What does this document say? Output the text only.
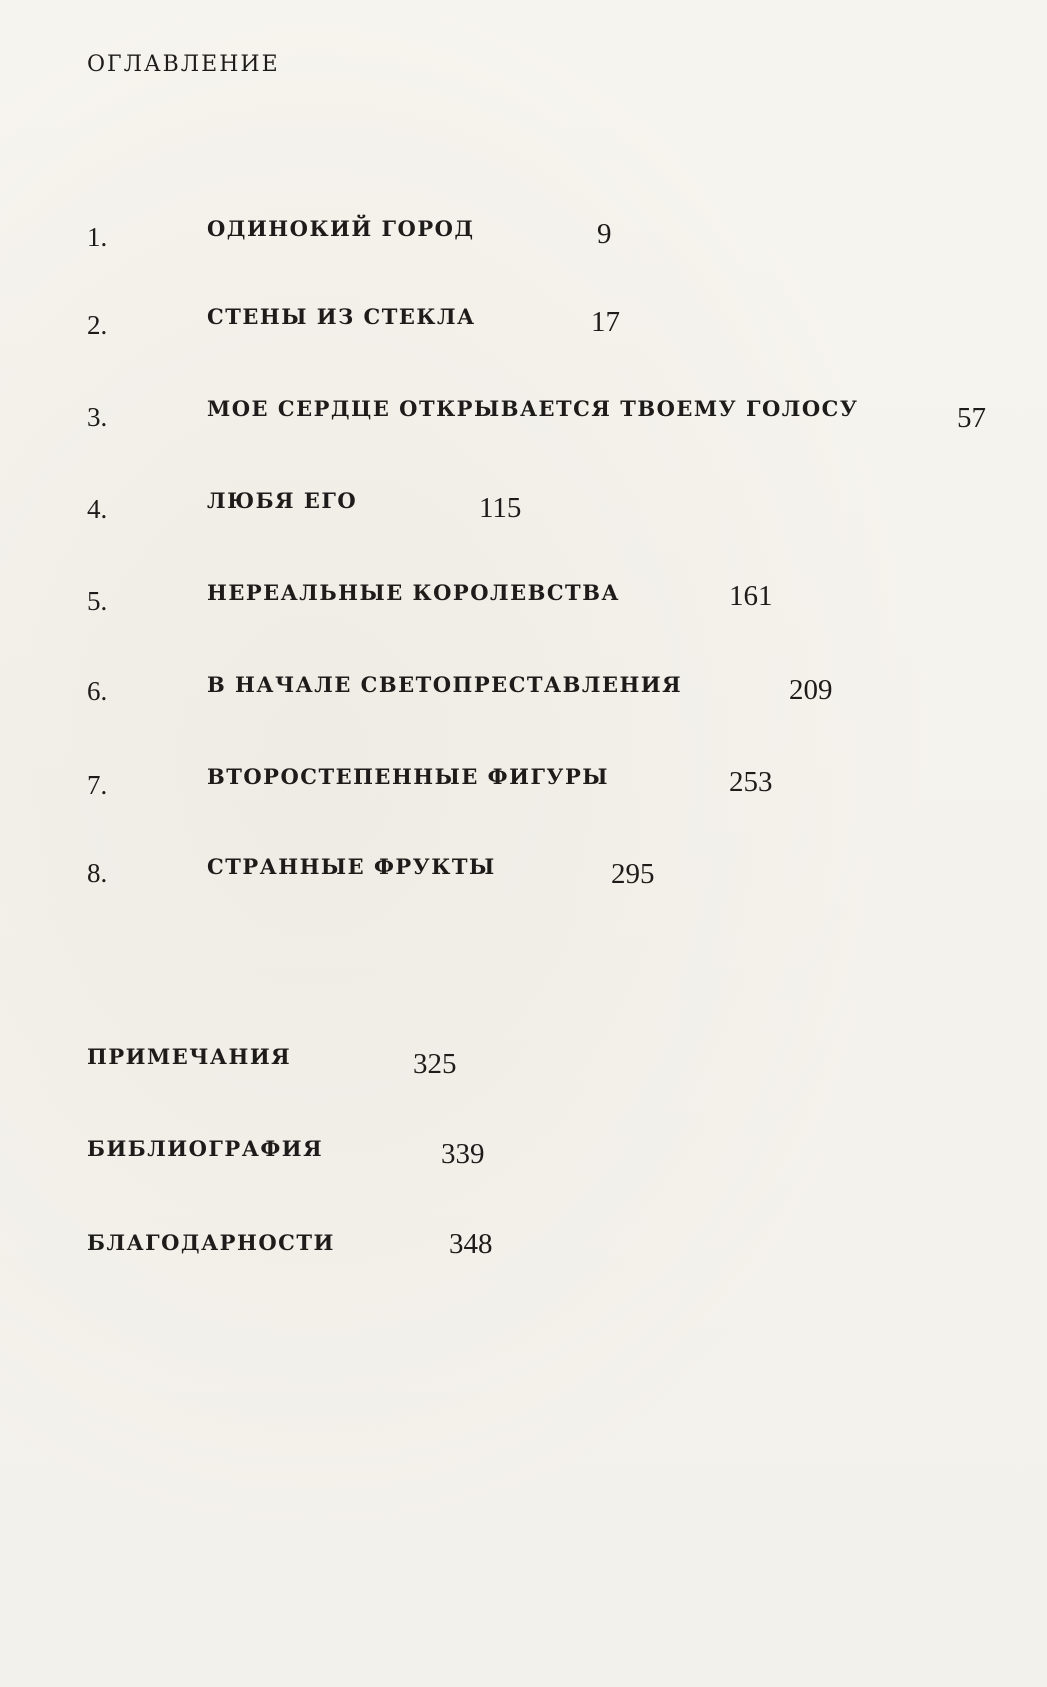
ОГЛАВЛЕНИЕ
1.	ОДИНОКИЙ ГОРОД	9
2.	СТЕНЫ ИЗ СТЕКЛА	17
3.	МОЕ СЕРДЦЕ ОТКРЫВАЕТСЯ ТВОЕМУ ГОЛОСУ	57
4.	ЛЮБЯ ЕГО	115
5.	НЕРЕАЛЬНЫЕ КОРОЛЕВСТВА	161
6.	В НАЧАЛЕ СВЕТОПРЕСТАВЛЕНИЯ	209
7.	ВТОРОСТЕПЕННЫЕ ФИГУРЫ	253
8.	СТРАННЫЕ ФРУКТЫ	295
ПРИМЕЧАНИЯ	325
БИБЛИОГРАФИЯ	339
БЛАГОДАРНОСТИ	348
